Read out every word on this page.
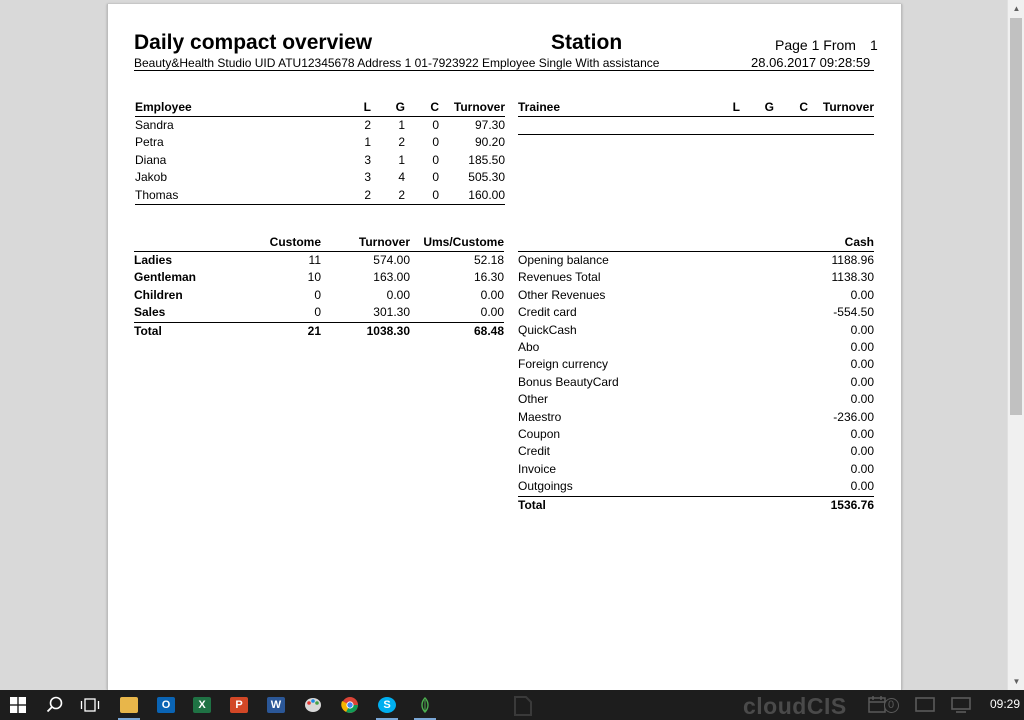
Daily compact overview	Station	Page 1 From 1
Beauty&Health Studio UID ATU12345678 Address 1 01-7923922 Employee Single With assistance	28.06.2017 09:28:59
Employee	L	G	C	Turnover
Sandra	2	1	0	97.30
Petra	1	2	0	90.20
Diana	3	1	0	185.50
Jakob	3	4	0	505.30
Thomas	2	2	0	160.00
Trainee	L	G	C	Turnover

	Custome	Turnover	Ums/Custome
Ladies	11	574.00	52.18
Gentleman	10	163.00	16.30
Children	0	0.00	0.00
Sales	0	301.30	0.00
Total	21	1038.30	68.48
	Cash
Opening balance	1188.96
Revenues Total	1138.30
Other Revenues	0.00
Credit card	-554.50
QuickCash	0.00
Abo	0.00
Foreign currency	0.00
Bonus BeautyCard	0.00
Other	0.00
Maestro	-236.00
Coupon	0.00
Credit	0.00
Invoice	0.00
Outgoings	0.00
Total	1536.76
▲
▼
O	X	P	W	S	cloudCIS	0	09:29
